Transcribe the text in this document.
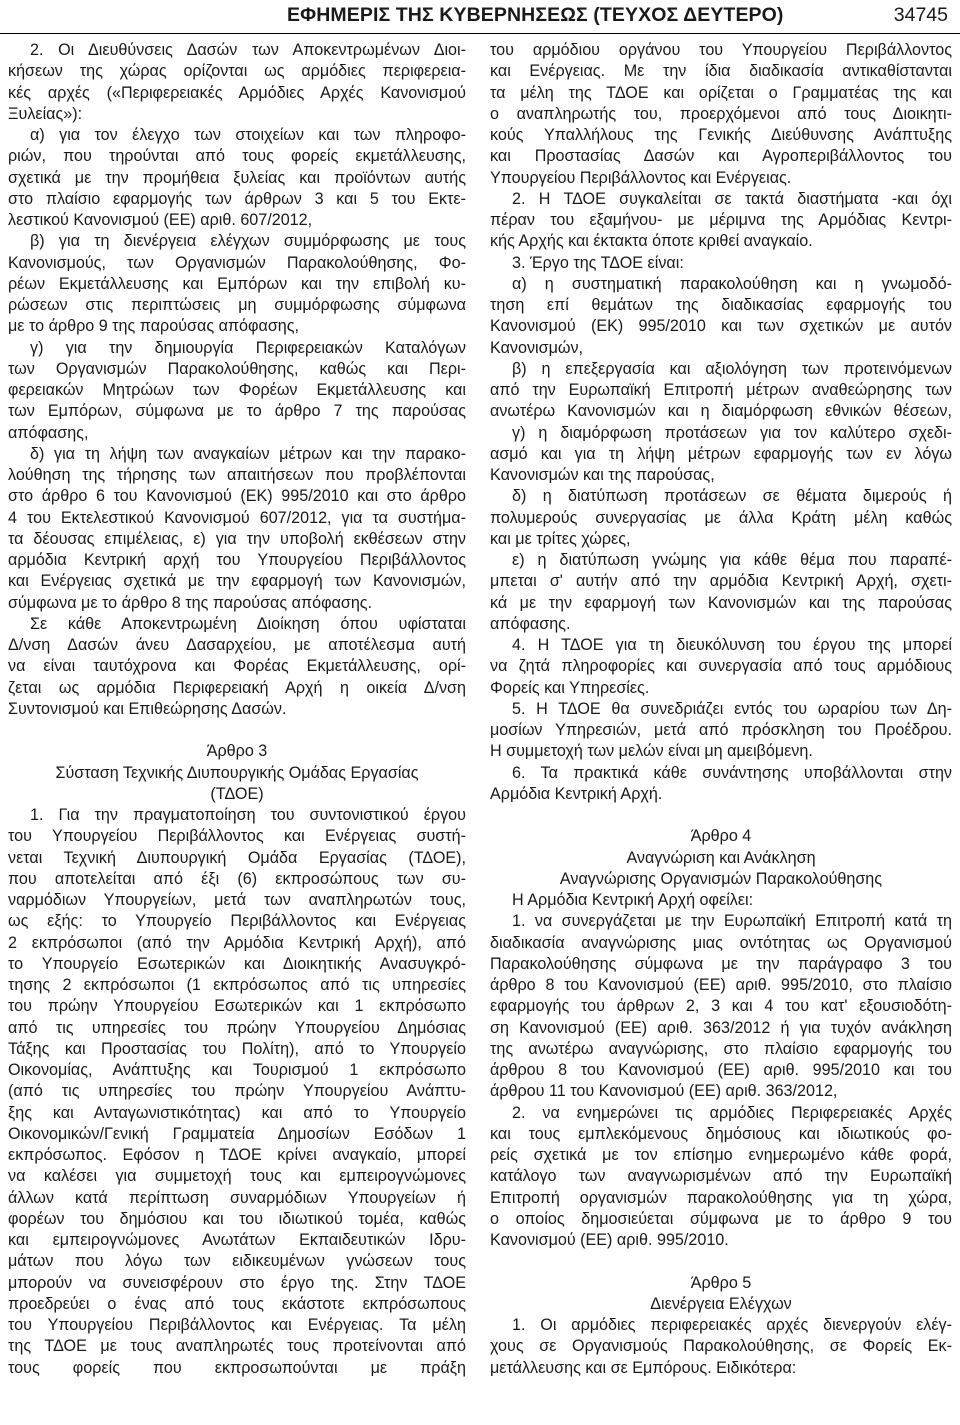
ΕΦΗΜΕΡΙΣ ΤΗΣ ΚΥΒΕΡΝΗΣΕΩΣ (ΤΕΥΧΟΣ ΔΕΥΤΕΡΟ)	34745
2. Οι Διευθύνσεις Δασών των Αποκεντρωμένων Διοι-
κήσεων της χώρας ορίζονται ως αρμόδιες περιφερεια-
κές αρχές («Περιφερειακές Αρμόδιες Αρχές Κανονισμού
Ξυλείας»):
α) για τον έλεγχο των στοιχείων και των πληροφο-
ριών, που τηρούνται από τους φορείς εκμετάλλευσης,
σχετικά με την προμήθεια ξυλείας και προϊόντων αυτής
στο πλαίσιο εφαρμογής των άρθρων 3 και 5 του Εκτε-
λεστικού Κανονισμού (ΕΕ) αριθ. 607/2012,
β) για τη διενέργεια ελέγχων συμμόρφωσης με τους
Κανονισμούς, των Οργανισμών Παρακολούθησης, Φο-
ρέων Εκμετάλλευσης και Εμπόρων και την επιβολή κυ-
ρώσεων στις περιπτώσεις μη συμμόρφωσης σύμφωνα
με το άρθρο 9 της παρούσας απόφασης,
γ) για την δημιουργία Περιφερειακών Καταλόγων
των Οργανισμών Παρακολούθησης, καθώς και Περι-
φερειακών Μητρώων των Φορέων Εκμετάλλευσης και
των Εμπόρων, σύμφωνα με το άρθρο 7 της παρούσας
απόφασης,
δ) για τη λήψη των αναγκαίων μέτρων και την παρακο-
λούθηση της τήρησης των απαιτήσεων που προβλέπονται
στο άρθρο 6 του Κανονισμού (ΕΚ) 995/2010 και στο άρθρο
4 του Εκτελεστικού Κανονισμού 607/2012, για τα συστήμα-
τα δέουσας επιμέλειας, ε) για την υποβολή εκθέσεων στην
αρμόδια Κεντρική αρχή του Υπουργείου Περιβάλλοντος
και Ενέργειας σχετικά με την εφαρμογή των Κανονισμών,
σύμφωνα με το άρθρο 8 της παρούσας απόφασης.
Σε κάθε Αποκεντρωμένη Διοίκηση όπου υφίσταται
Δ/νση Δασών άνευ Δασαρχείου, με αποτέλεσμα αυτή
να είναι ταυτόχρονα και Φορέας Εκμετάλλευσης, ορί-
ζεται ως αρμόδια Περιφερειακή Αρχή η οικεία Δ/νση
Συντονισμού και Επιθεώρησης Δασών.
Άρθρο 3
Σύσταση Τεχνικής Διυπουργικής Ομάδας Εργασίας
(ΤΔΟΕ)
1. Για την πραγματοποίηση του συντονιστικού έργου
του Υπουργείου Περιβάλλοντος και Ενέργειας συστή-
νεται Τεχνική Διυπουργική Ομάδα Εργασίας (ΤΔΟΕ),
που αποτελείται από έξι (6) εκπροσώπους των συ-
ναρμόδιων Υπουργείων, μετά των αναπληρωτών τους,
ως εξής: το Υπουργείο Περιβάλλοντος και Ενέργειας
2 εκπρόσωποι (από την Αρμόδια Κεντρική Αρχή), από
το Υπουργείο Εσωτερικών και Διοικητικής Ανασυγκρό-
τησης 2 εκπρόσωποι (1 εκπρόσωπος από τις υπηρεσίες
του πρώην Υπουργείου Εσωτερικών και 1 εκπρόσωπο
από τις υπηρεσίες του πρώην Υπουργείου Δημόσιας
Τάξης και Προστασίας του Πολίτη), από το Υπουργείο
Οικονομίας, Ανάπτυξης και Τουρισμού 1 εκπρόσωπο
(από τις υπηρεσίες του πρώην Υπουργείου Ανάπτυ-
ξης και Ανταγωνιστικότητας) και από το Υπουργείο
Οικονομικών/Γενική Γραμματεία Δημοσίων Εσόδων 1
εκπρόσωπος. Εφόσον η ΤΔΟΕ κρίνει αναγκαίο, μπορεί
να καλέσει για συμμετοχή τους και εμπειρογνώμονες
άλλων κατά περίπτωση συναρμόδιων Υπουργείων ή
φορέων του δημόσιου και του ιδιωτικού τομέα, καθώς
και εμπειρογνώμονες Ανωτάτων Εκπαιδευτικών Ιδρυ-
μάτων που λόγω των ειδικευμένων γνώσεων τους
μπορούν να συνεισφέρουν στο έργο της. Στην ΤΔΟΕ
προεδρεύει ο ένας από τους εκάστοτε εκπρόσωπους
του Υπουργείου Περιβάλλοντος και Ενέργειας. Τα μέλη
της ΤΔΟΕ με τους αναπληρωτές τους προτείνονται από
τους φορείς που εκπροσωπούνται με πράξη
του αρμόδιου οργάνου του Υπουργείου Περιβάλλοντος
και Ενέργειας. Με την ίδια διαδικασία αντικαθίστανται
τα μέλη της ΤΔΟΕ και ορίζεται ο Γραμματέας της και
ο αναπληρωτής του, προερχόμενοι από τους Διοικητι-
κούς Υπαλλήλους της Γενικής Διεύθυνσης Ανάπτυξης
και Προστασίας Δασών και Αγροπεριβάλλοντος του
Υπουργείου Περιβάλλοντος και Ενέργειας.
2. Η ΤΔΟΕ συγκαλείται σε τακτά διαστήματα -και όχι
πέραν του εξαμήνου- με μέριμνα της Αρμόδιας Κεντρι-
κής Αρχής και έκτακτα όποτε κριθεί αναγκαίο.
3. Έργο της ΤΔΟΕ είναι:
α) η συστηματική παρακολούθηση και η γνωμοδό-
τηση επί θεμάτων της διαδικασίας εφαρμογής του
Κανονισμού (ΕΚ) 995/2010 και των σχετικών με αυτόν
Κανονισμών,
β) η επεξεργασία και αξιολόγηση των προτεινόμενων
από την Ευρωπαϊκή Επιτροπή μέτρων αναθεώρησης των
ανωτέρω Κανονισμών και η διαμόρφωση εθνικών θέσεων,
γ) η διαμόρφωση προτάσεων για τον καλύτερο σχεδι-
ασμό και για τη λήψη μέτρων εφαρμογής των εν λόγω
Κανονισμών και της παρούσας,
δ) η διατύπωση προτάσεων σε θέματα διμερούς ή
πολυμερούς συνεργασίας με άλλα Κράτη μέλη καθώς
και με τρίτες χώρες,
ε) η διατύπωση γνώμης για κάθε θέμα που παραπέ-
μπεται σ' αυτήν από την αρμόδια Κεντρική Αρχή, σχετι-
κά με την εφαρμογή των Κανονισμών και της παρούσας
απόφασης.
4. Η ΤΔΟΕ για τη διευκόλυνση του έργου της μπορεί
να ζητά πληροφορίες και συνεργασία από τους αρμόδιους
Φορείς και Υπηρεσίες.
5. Η ΤΔΟΕ θα συνεδριάζει εντός του ωραρίου των Δη-
μοσίων Υπηρεσιών, μετά από πρόσκληση του Προέδρου.
Η συμμετοχή των μελών είναι μη αμειβόμενη.
6. Τα πρακτικά κάθε συνάντησης υποβάλλονται στην
Αρμόδια Κεντρική Αρχή.
Άρθρο 4
Αναγνώριση και Ανάκληση
Αναγνώρισης Οργανισμών Παρακολούθησης
Η Αρμόδια Κεντρική Αρχή οφείλει:
1. να συνεργάζεται με την Ευρωπαϊκή Επιτροπή κατά τη
διαδικασία αναγνώρισης μιας οντότητας ως Οργανισμού
Παρακολούθησης σύμφωνα με την παράγραφο 3 του
άρθρο 8 του Κανονισμού (ΕΕ) αριθ. 995/2010, στο πλαίσιο
εφαρμογής του άρθρων 2, 3 και 4 του κατ' εξουσιοδότη-
ση Κανονισμού (ΕΕ) αριθ. 363/2012 ή για τυχόν ανάκληση
της ανωτέρω αναγνώρισης, στο πλαίσιο εφαρμογής του
άρθρου 8 του Κανονισμού (ΕΕ) αριθ. 995/2010 και του
άρθρου 11 του Κανονισμού (ΕΕ) αριθ. 363/2012,
2. να ενημερώνει τις αρμόδιες Περιφερειακές Αρχές
και τους εμπλεκόμενους δημόσιους και ιδιωτικούς φο-
ρείς σχετικά με τον επίσημο ενημερωμένο κάθε φορά,
κατάλογο των αναγνωρισμένων από την Ευρωπαϊκή
Επιτροπή οργανισμών παρακολούθησης για τη χώρα,
ο οποίος δημοσιεύεται σύμφωνα με το άρθρο 9 του
Κανονισμού (ΕΕ) αριθ. 995/2010.
Άρθρο 5
Διενέργεια Ελέγχων
1. Οι αρμόδιες περιφερειακές αρχές διενεργούν ελέγ-
χους σε Οργανισμούς Παρακολούθησης, σε Φορείς Εκ-
μετάλλευσης και σε Εμπόρους. Ειδικότερα:
